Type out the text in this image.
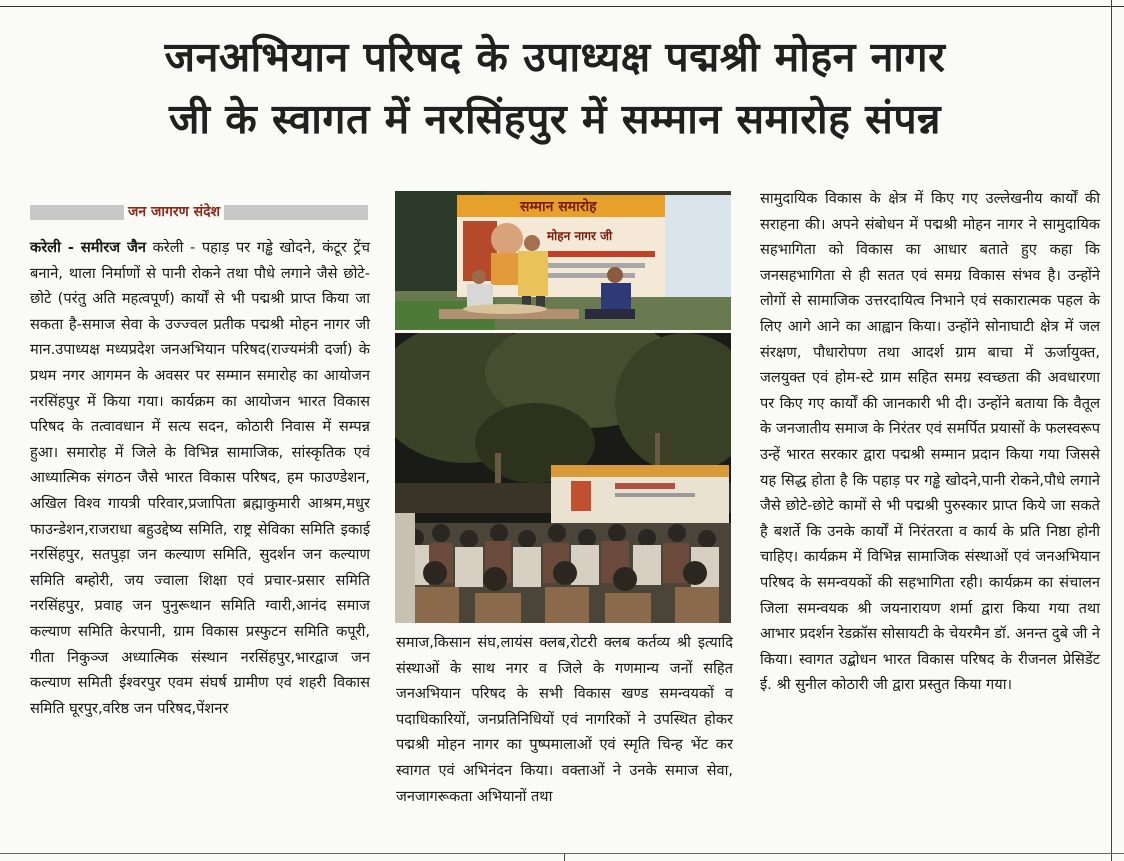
जनअभियान परिषद के उपाध्यक्ष पद्मश्री मोहन नागर
जी के स्वागत में नरसिंहपुर में सम्मान समारोह संपन्न
जन जागरण संदेश
करेली - समीरज जैन करेली - पहाड़ पर गड्ढे खोदने, कंटूर ट्रेंच बनाने, थाला निर्माणों से पानी रोकने तथा पौधे लगाने जैसे छोटे-छोटे (परंतु अति महत्वपूर्ण) कार्यों से भी पद्मश्री प्राप्त किया जा सकता है-समाज सेवा के उज्ज्वल प्रतीक पद्मश्री मोहन नागर जी मान.उपाध्यक्ष मध्यप्रदेश जनअभियान परिषद(राज्यमंत्री दर्जा) के प्रथम नगर आगमन के अवसर पर सम्मान समारोह का आयोजन नरसिंहपुर में किया गया। कार्यक्रम का आयोजन भारत विकास परिषद के तत्वावधान में सत्य सदन, कोठारी निवास में सम्पन्न हुआ। समारोह में जिले के विभिन्न सामाजिक, सांस्कृतिक एवं आध्यात्मिक संगठन जैसे भारत विकास परिषद, हम फाउण्डेशन, अखिल विश्व गायत्री परिवार,प्रजापिता ब्रह्माकुमारी आश्रम,मधुर फाउन्डेशन,राजराधा बहुउद्देष्य समिति, राष्ट्र सेविका समिति इकाई नरसिंहपुर, सतपुड़ा जन कल्याण समिति, सुदर्शन जन कल्याण समिति बम्होरी, जय ज्वाला शिक्षा एवं प्रचार-प्रसार समिति नरसिंहपुर, प्रवाह जन पुनुरूथान समिति ग्वारी,आनंद समाज कल्याण समिति केरपानी, ग्राम विकास प्रस्फुटन समिति कपूरी, गीता निकुञ्ज अध्यात्मिक संस्थान नरसिंहपुर,भारद्वाज जन कल्याण समिती ईश्वरपुर एवम संघर्ष ग्रामीण एवं शहरी विकास समिति घूरपुर,वरिष्ठ जन परिषद,पेंशनर
सम्मान समारोह
मोहन नागर जी
समाज,किसान संघ,लायंस क्लब,रोटरी क्लब कर्तव्य श्री इत्यादि संस्थाओं के साथ नगर व जिले के गणमान्य जनों सहित जनअभियान परिषद के सभी विकास खण्ड समन्वयकों व पदाधिकारियों, जनप्रतिनिधियों एवं नागरिकों ने उपस्थित होकर पद्मश्री मोहन नागर का पुष्पमालाओं एवं स्मृति चिन्ह भेंट कर स्वागत एवं अभिनंदन किया। वक्ताओं ने उनके समाज सेवा, जनजागरूकता अभियानों तथा
सामुदायिक विकास के क्षेत्र में किए गए उल्लेखनीय कार्यों की सराहना की। अपने संबोधन में पद्मश्री मोहन नागर ने सामुदायिक सहभागिता को विकास का आधार बताते हुए कहा कि जनसहभागिता से ही सतत एवं समग्र विकास संभव है। उन्होंने लोगों से सामाजिक उत्तरदायित्व निभाने एवं सकारात्मक पहल के लिए आगे आने का आह्वान किया। उन्होंने सोनाघाटी क्षेत्र में जल संरक्षण, पौधारोपण तथा आदर्श ग्राम बाचा में ऊर्जायुक्त, जलयुक्त एवं होम-स्टे ग्राम सहित समग्र स्वच्छता की अवधारणा पर किए गए कार्यों की जानकारी भी दी। उन्होंने बताया कि वैतूल के जनजातीय समाज के निरंतर एवं समर्पित प्रयासों के फलस्वरूप उन्हें भारत सरकार द्वारा पद्मश्री सम्मान प्रदान किया गया जिससे यह सिद्ध होता है कि पहाड़ पर गड्ढे खोदने,पानी रोकने,पौधे लगाने जैसे छोटे-छोटे कामों से भी पद्मश्री पुरुस्कार प्राप्त किये जा सकते है बशर्ते कि उनके कार्यों में निरंतरता व कार्य के प्रति निष्ठा होनी चाहिए। कार्यक्रम में विभिन्न सामाजिक संस्थाओं एवं जनअभियान परिषद के समन्वयकों की सहभागिता रही। कार्यक्रम का संचालन जिला समन्वयक श्री जयनारायण शर्मा द्वारा किया गया तथा आभार प्रदर्शन रेडक्रॉस सोसायटी के चेयरमैन डॉ. अनन्त दुबे जी ने किया। स्वागत उद्बोधन भारत विकास परिषद के रीजनल प्रेसिडेंट ई. श्री सुनील कोठारी जी द्वारा प्रस्तुत किया गया।
